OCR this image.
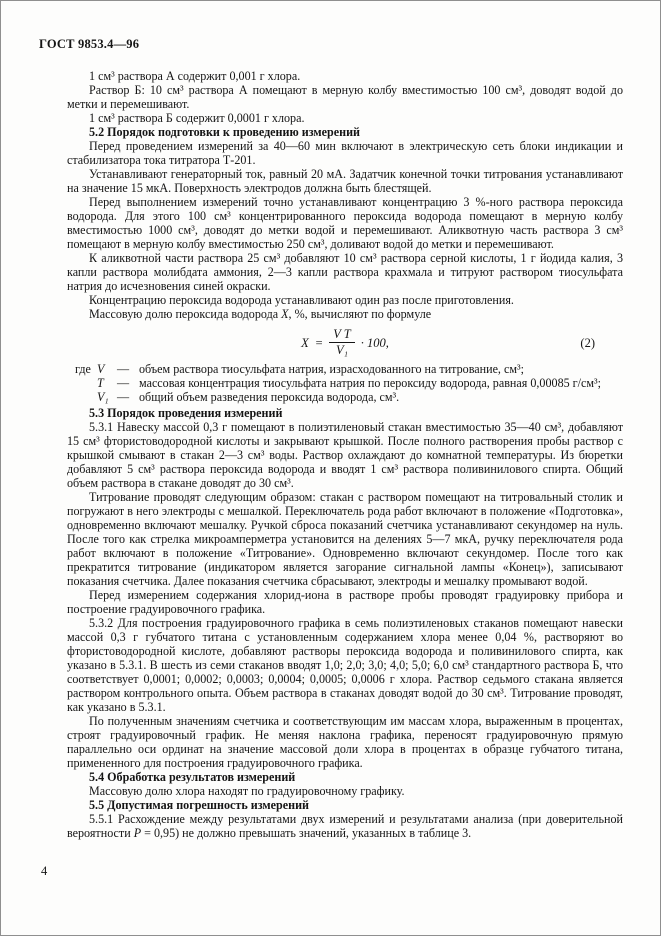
ГОСТ 9853.4—96

1 см³ раствора А содержит 0,001 г хлора.

Раствор Б: 10 см³ раствора А помещают в мерную колбу вместимостью 100 см³, доводят водой до метки и перемешивают.

1 см³ раствора Б содержит 0,0001 г хлора.

5.2 Порядок подготовки к проведению измерений

Перед проведением измерений за 40—60 мин включают в электрическую сеть блоки индикации и стабилизатора тока титратора Т-201.

Устанавливают генераторный ток, равный 20 мА. Задатчик конечной точки титрования устанавливают на значение 15 мкА. Поверхность электродов должна быть блестящей.

Перед выполнением измерений точно устанавливают концентрацию 3 %-ного раствора пероксида водорода. Для этого 100 см³ концентрированного пероксида водорода помещают в мерную колбу вместимостью 1000 см³, доводят до метки водой и перемешивают. Аликвотную часть раствора 3 см³ помещают в мерную колбу вместимостью 250 см³, доливают водой до метки и перемешивают.

К аликвотной части раствора 25 см³ добавляют 10 см³ раствора серной кислоты, 1 г йодида калия, 3 капли раствора молибдата аммония, 2—3 капли раствора крахмала и титруют раствором тиосульфата натрия до исчезновения синей окраски.

Концентрацию пероксида водорода устанавливают один раз после приготовления.

Массовую долю пероксида водорода X, %, вычисляют по формуле

$X = \frac{\text{V Т}}{\text{V₁}} \cdot 100$,	(2)
где V	— объем раствора тиосульфата натрия, израсходованного на титрование, см³;
Т	— массовая концентрация тиосульфата натрия по пероксиду водорода, равная 0,00085 г/см³;
V₁ — общий объем разведения пероксида водорода, см³.

5.3 Порядок проведения измерений

5.3.1 Навеску массой 0,3 г помещают в полиэтиленовый стакан вместимостью 35—40 см³, добавляют 15 см³ фтористоводородной кислоты и закрывают крышкой. После полного растворения пробы раствор с крышкой смывают в стакан 2—3 см³ воды. Раствор охлаждают до комнатной температуры. Из бюретки добавляют 5 см³ раствора пероксида водорода и вводят 1 см³ раствора поливинилового спирта. Общий объем раствора в стакане доводят до 30 см³.

Титрование проводят следующим образом: стакан с раствором помещают на титровальный столик и погружают в него электроды с мешалкой. Переключатель рода работ включают в положение «Подготовка», одновременно включают мешалку. Ручкой сброса показаний счетчика устанавливают секундомер на нуль. После того как стрелка микроамперметра установится на делениях 5—7 мкА, ручку переключателя рода работ включают в положение «Титрование». Одновременно включают секундомер. После того как прекратится титрование (индикатором является загорание сигнальной лампы «Конец»), записывают показания счетчика. Далее показания счетчика сбрасывают, электроды и мешалку промывают водой.

Перед измерением содержания хлорид-иона в растворе пробы проводят градуировку прибора и построение градуировочного графика.

5.3.2 Для построения градуировочного графика в семь полиэтиленовых стаканов помещают навески массой 0,3 г губчатого титана с установленным содержанием хлора менее 0,04 %, растворяют во фтористоводородной кислоте, добавляют растворы пероксида водорода и поливинилового спирта, как указано в 5.3.1. В шесть из семи стаканов вводят 1,0; 2,0; 3,0; 4,0; 5,0; 6,0 см³ стандартного раствора Б, что соответствует 0,0001; 0,0002; 0,0003; 0,0004; 0,0005; 0,0006 г хлора. Раствор седьмого стакана является раствором контрольного опыта. Объем раствора в стаканах доводят водой до 30 см³. Титрование проводят, как указано в 5.3.1.

По полученным значениям счетчика и соответствующим им массам хлора, выраженным в процентах, строят градуировочный график. Не меняя наклона графика, переносят градуировочную прямую параллельно оси ординат на значение массовой доли хлора в процентах в образце губчатого титана, примененного для построения градуировочного графика.

5.4 Обработка результатов измерений

Массовую долю хлора находят по градуировочному графику.

5.5 Допустимая погрешность измерений

5.5.1 Расхождение между результатами двух измерений и результатами анализа (при доверительной вероятности Р = 0,95) не должно превышать значений, указанных в таблице 3.

4
